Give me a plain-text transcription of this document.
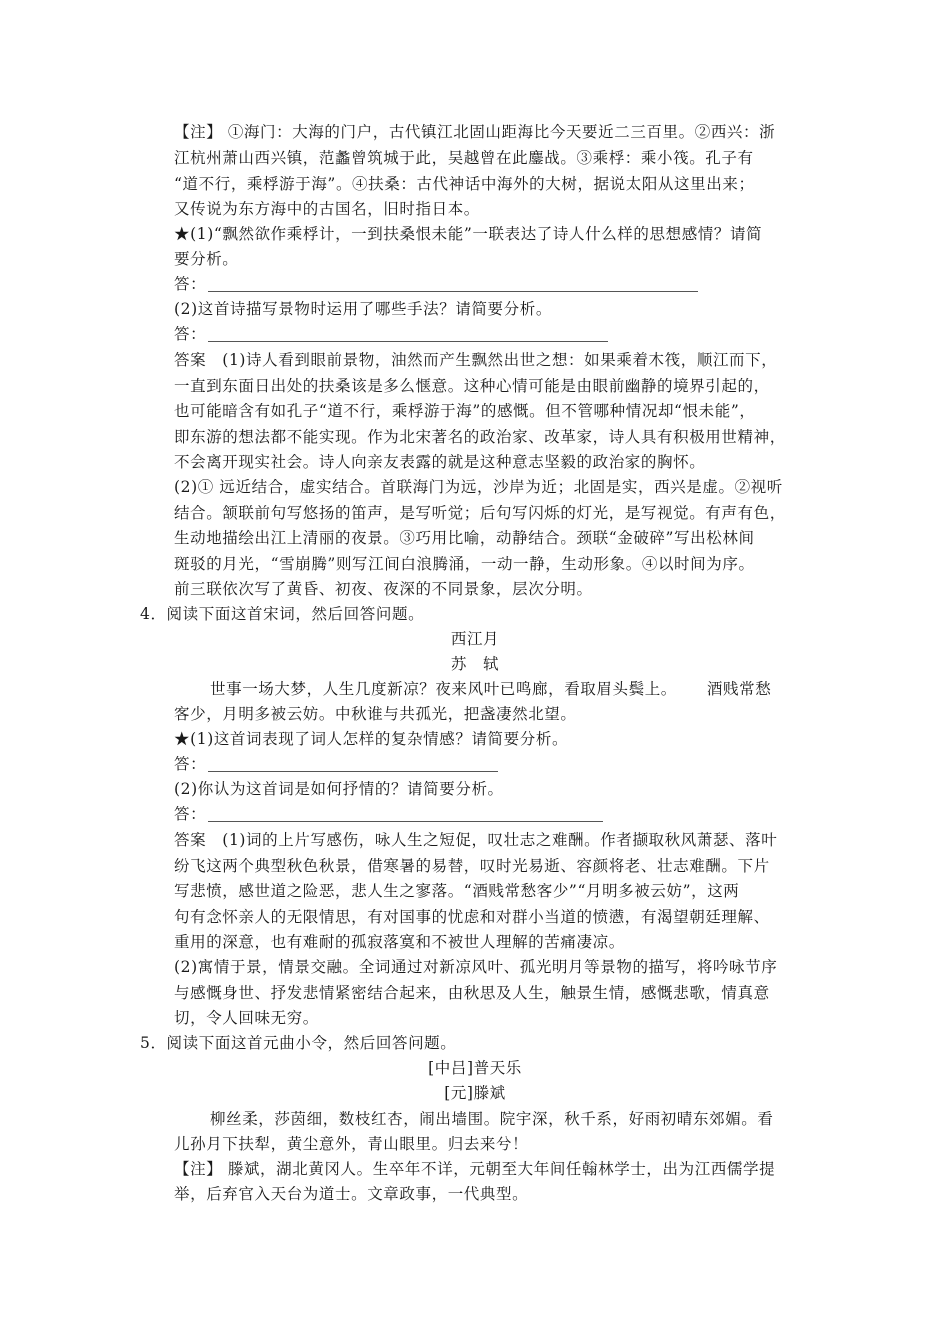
【注】 ①海门：大海的门户，古代镇江北固山距海比今天要近二三百里。②西兴：浙
江杭州萧山西兴镇，范蠡曾筑城于此，吴越曾在此鏖战。③乘桴：乘小筏。孔子有
“道不行，乘桴游于海”。④扶桑：古代神话中海外的大树，据说太阳从这里出来；
又传说为东方海中的古国名，旧时指日本。
★(1)“飘然欲作乘桴计，一到扶桑恨未能”一联表达了诗人什么样的思想感情？请简
要分析。
答：
(2)这首诗描写景物时运用了哪些手法？请简要分析。
答：
答案　(1)诗人看到眼前景物，油然而产生飘然出世之想：如果乘着木筏，顺江而下，
一直到东面日出处的扶桑该是多么惬意。这种心情可能是由眼前幽静的境界引起的，
也可能暗含有如孔子“道不行，乘桴游于海”的感慨。但不管哪种情况却“恨未能”，
即东游的想法都不能实现。作为北宋著名的政治家、改革家，诗人具有积极用世精神，
不会离开现实社会。诗人向亲友表露的就是这种意志坚毅的政治家的胸怀。
(2)① 远近结合，虚实结合。首联海门为远，沙岸为近；北固是实，西兴是虚。②视听
结合。颔联前句写悠扬的笛声，是写听觉；后句写闪烁的灯光，是写视觉。有声有色，
生动地描绘出江上清丽的夜景。③巧用比喻，动静结合。颈联“金破碎”写出松林间
斑驳的月光，“雪崩腾”则写江间白浪腾涌，一动一静，生动形象。④以时间为序。
前三联依次写了黄昏、初夜、夜深的不同景象，层次分明。
4．阅读下面这首宋词，然后回答问题。
西江月
苏　轼
世事一场大梦，人生几度新凉？夜来风叶已鸣廊，看取眉头鬓上。 酒贱常愁
客少，月明多被云妨。中秋谁与共孤光，把盏凄然北望。
★(1)这首词表现了词人怎样的复杂情感？请简要分析。
答：
(2)你认为这首词是如何抒情的？请简要分析。
答：
答案　(1)词的上片写感伤，咏人生之短促，叹壮志之难酬。作者撷取秋风萧瑟、落叶
纷飞这两个典型秋色秋景，借寒暑的易替，叹时光易逝、容颜将老、壮志难酬。下片
写悲愤，感世道之险恶，悲人生之寥落。“酒贱常愁客少”“月明多被云妨”，这两
句有念怀亲人的无限情思，有对国事的忧虑和对群小当道的愤懑，有渴望朝廷理解、
重用的深意，也有难耐的孤寂落寞和不被世人理解的苦痛凄凉。
(2)寓情于景，情景交融。全词通过对新凉风叶、孤光明月等景物的描写，将吟咏节序
与感慨身世、抒发悲情紧密结合起来，由秋思及人生，触景生情，感慨悲歌，情真意
切，令人回味无穷。
5．阅读下面这首元曲小令，然后回答问题。
[中吕]普天乐
[元]滕斌
柳丝柔，莎茵细，数枝红杏，闹出墙围。院宇深，秋千系，好雨初晴东郊媚。看
儿孙月下扶犁，黄尘意外，青山眼里。归去来兮！
【注】 滕斌，湖北黄冈人。生卒年不详，元朝至大年间任翰林学士，出为江西儒学提
举，后弃官入天台为道士。文章政事，一代典型。
